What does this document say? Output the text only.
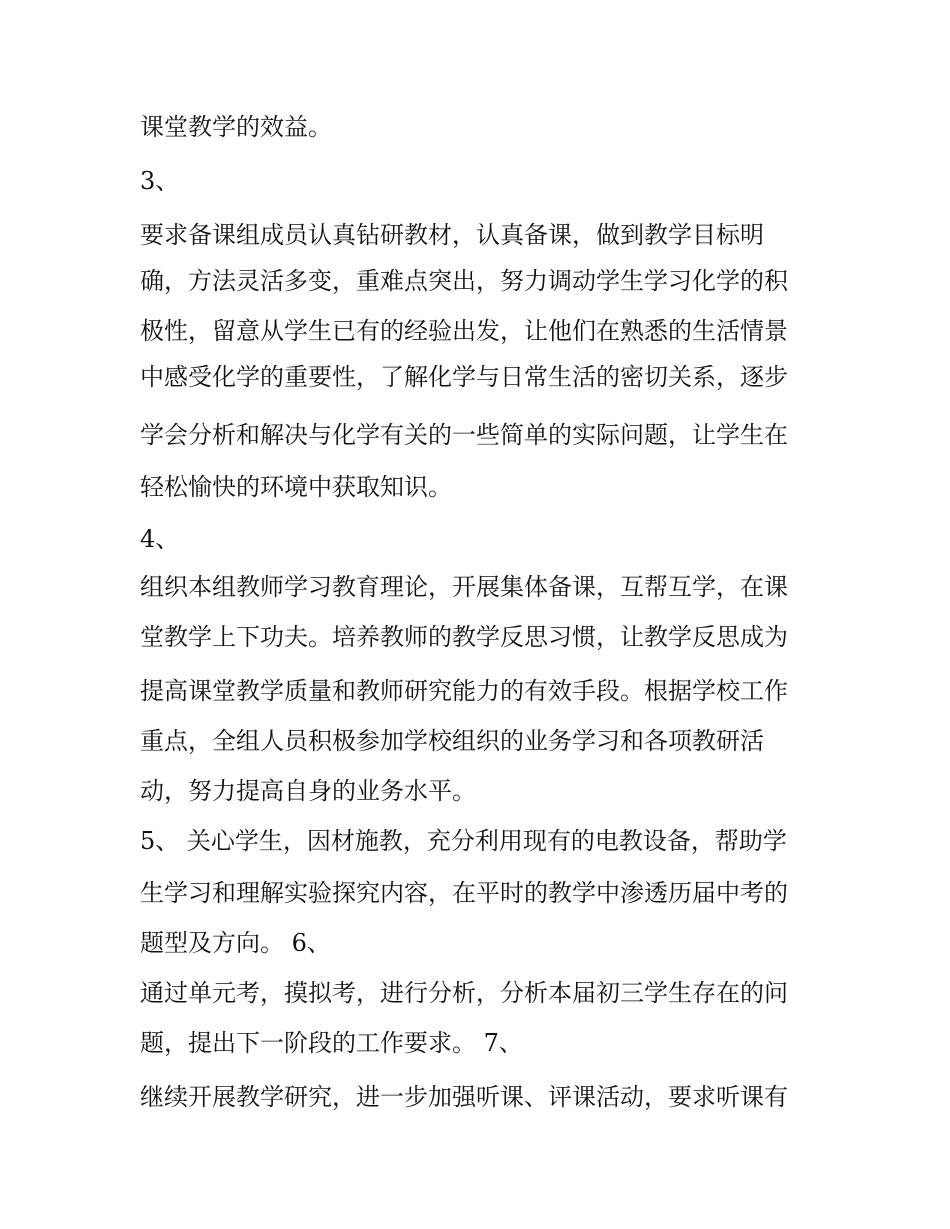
课堂教学的效益。
3、
要求备课组成员认真钻研教材，认真备课，做到教学目标明
确，方法灵活多变，重难点突出，努力调动学生学习化学的积
极性，留意从学生已有的经验出发，让他们在熟悉的生活情景
中感受化学的重要性，了解化学与日常生活的密切关系，逐步
学会分析和解决与化学有关的一些简单的实际问题，让学生在
轻松愉快的环境中获取知识。
4、
组织本组教师学习教育理论，开展集体备课，互帮互学，在课
堂教学上下功夫。培养教师的教学反思习惯，让教学反思成为
提高课堂教学质量和教师研究能力的有效手段。根据学校工作
重点，全组人员积极参加学校组织的业务学习和各项教研活
动，努力提高自身的业务水平。
5、 关心学生，因材施教，充分利用现有的电教设备，帮助学
生学习和理解实验探究内容，在平时的教学中渗透历届中考的
题型及方向。 6、
通过单元考，摸拟考，进行分析，分析本届初三学生存在的问
题，提出下一阶段的工作要求。 7、
继续开展教学研究，进一步加强听课、评课活动，要求听课有
